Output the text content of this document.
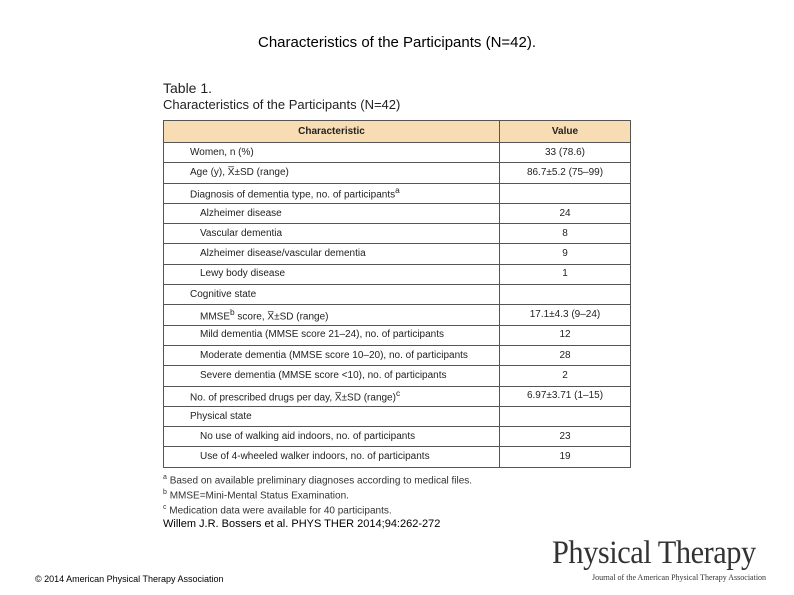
Characteristics of the Participants (N=42).
Table 1.
Characteristics of the Participants (N=42)
Characteristic	Value
Women, n (%)	33 (78.6)
Age (y), X̅±SD (range)	86.7±5.2 (75–99)
Diagnosis of dementia type, no. of participants$^a$	
Alzheimer disease	24
Vascular dementia	8
Alzheimer disease/vascular dementia	9
Lewy body disease	1
Cognitive state	
MMSE$^b$ score, X̅±SD (range)	17.1±4.3 (9–24)
Mild dementia (MMSE score 21–24), no. of participants	12
Moderate dementia (MMSE score 10–20), no. of participants	28
Severe dementia (MMSE score <10), no. of participants	2
No. of prescribed drugs per day, X̅±SD (range)$^c$	6.97±3.71 (1–15)
Physical state	
No use of walking aid indoors, no. of participants	23
Use of 4-wheeled walker indoors, no. of participants	19
$^a$ Based on available preliminary diagnoses according to medical files.
$^b$ MMSE=Mini-Mental Status Examination.
$^c$ Medication data were available for 40 participants.
Willem J.R. Bossers et al. PHYS THER 2014;94:262-272
© 2014 American Physical Therapy Association
Physical Therapy
Journal of the American Physical Therapy Association
